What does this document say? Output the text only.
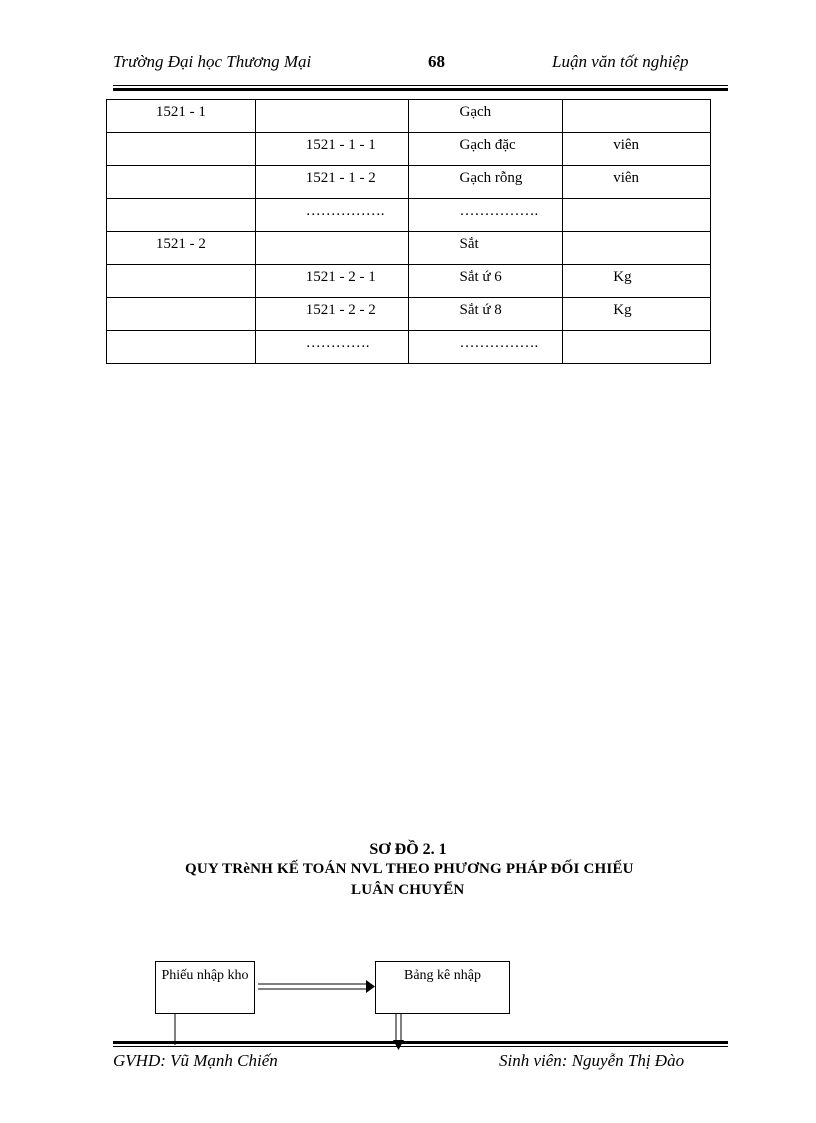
Trường Đại học Thương Mại	68	Luận văn tốt nghiệp
1521 - 1		Gạch	
	1521 - 1 - 1	Gạch đặc	viên
	1521 - 1 - 2	Gạch rỗng	viên
	…………….	…………….	
1521 - 2		Sắt	
	1521 - 2 - 1	Sắt ứ 6	Kg
	1521 - 2 - 2	Sắt ứ 8	Kg
	………….	…………….	
SƠ ĐỒ 2. 1
QUY TRèNH KẾ TOÁN NVL THEO PHƯƠNG PHÁP ĐỐI CHIẾU
LUÂN CHUYỂN
Phiếu nhập kho	Bảng kê nhập
GVHD: Vũ Mạnh Chiến	Sinh viên: Nguyễn Thị Đào
